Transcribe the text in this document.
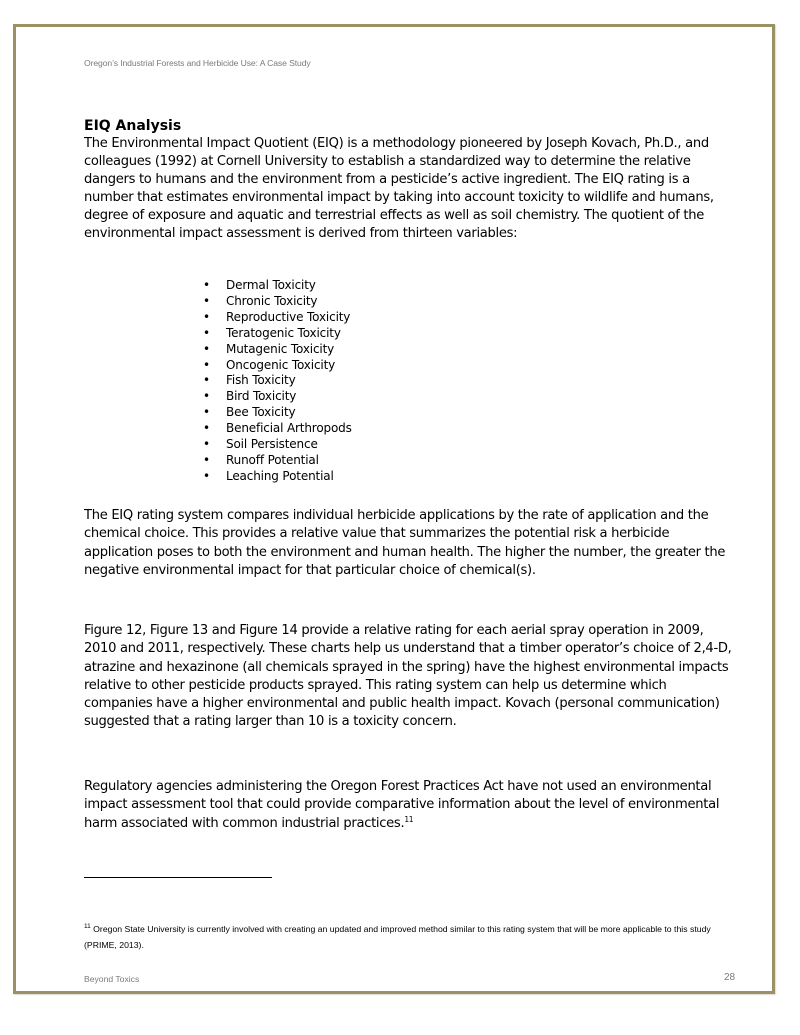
Oregon’s Industrial Forests and Herbicide Use: A Case Study
EIQ Analysis

The Environmental Impact Quotient (EIQ) is a methodology pioneered by Joseph Kovach, Ph.D., and colleagues (1992) at Cornell University to establish a standardized way to determine the relative dangers to humans and the environment from a pesticide’s active ingredient. The EIQ rating is a number that estimates environmental impact by taking into account toxicity to wildlife and humans, degree of exposure and aquatic and terrestrial effects as well as soil chemistry. The quotient of the environmental impact assessment is derived from thirteen variables:

• Dermal Toxicity
• Chronic Toxicity
• Reproductive Toxicity
• Teratogenic Toxicity
• Mutagenic Toxicity
• Oncogenic Toxicity
• Fish Toxicity
• Bird Toxicity
• Bee Toxicity
• Beneficial Arthropods
• Soil Persistence
• Runoff Potential
• Leaching Potential

The EIQ rating system compares individual herbicide applications by the rate of application and the chemical choice. This provides a relative value that summarizes the potential risk a herbicide application poses to both the environment and human health. The higher the number, the greater the negative environmental impact for that particular choice of chemical(s).

Figure 12, Figure 13 and Figure 14 provide a relative rating for each aerial spray operation in 2009, 2010 and 2011, respectively. These charts help us understand that a timber operator’s choice of 2,4-D, atrazine and hexazinone (all chemicals sprayed in the spring) have the highest environmental impacts relative to other pesticide products sprayed. This rating system can help us determine which companies have a higher environmental and public health impact. Kovach (personal communication) suggested that a rating larger than 10 is a toxicity concern.

Regulatory agencies administering the Oregon Forest Practices Act have not used an environmental impact assessment tool that could provide comparative information about the level of environmental harm associated with common industrial practices.$^{11}$

$^{11}$ Oregon State University is currently involved with creating an updated and improved method similar to this rating system that will be more applicable to this study (PRIME, 2013).
Beyond Toxics	28
